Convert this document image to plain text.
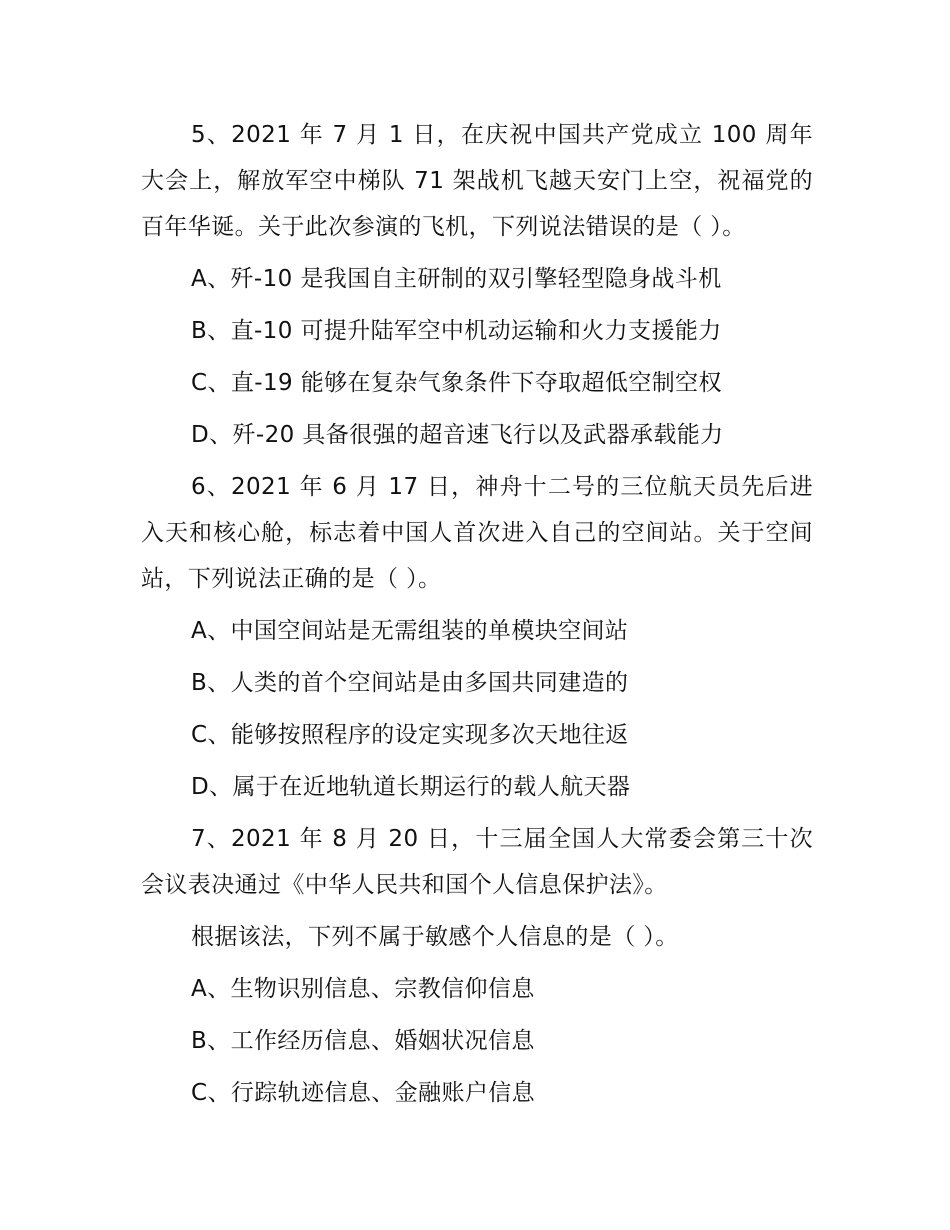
5、2021 年 7 月 1 日，在庆祝中国共产党成立 100 周年大会上，解放军空中梯队 71 架战机飞越天安门上空，祝福党的百年华诞。关于此次参演的飞机，下列说法错误的是（ ）。

A、歼-10 是我国自主研制的双引擎轻型隐身战斗机
B、直-10 可提升陆军空中机动运输和火力支援能力
C、直-19 能够在复杂气象条件下夺取超低空制空权
D、歼-20 具备很强的超音速飞行以及武器承载能力

6、2021 年 6 月 17 日，神舟十二号的三位航天员先后进入天和核心舱，标志着中国人首次进入自己的空间站。关于空间站，下列说法正确的是（ ）。

A、中国空间站是无需组装的单模块空间站
B、人类的首个空间站是由多国共同建造的
C、能够按照程序的设定实现多次天地往返
D、属于在近地轨道长期运行的载人航天器

7、2021 年 8 月 20 日，十三届全国人大常委会第三十次会议表决通过《中华人民共和国个人信息保护法》。

根据该法，下列不属于敏感个人信息的是（ ）。

A、生物识别信息、宗教信仰信息
B、工作经历信息、婚姻状况信息
C、行踪轨迹信息、金融账户信息
